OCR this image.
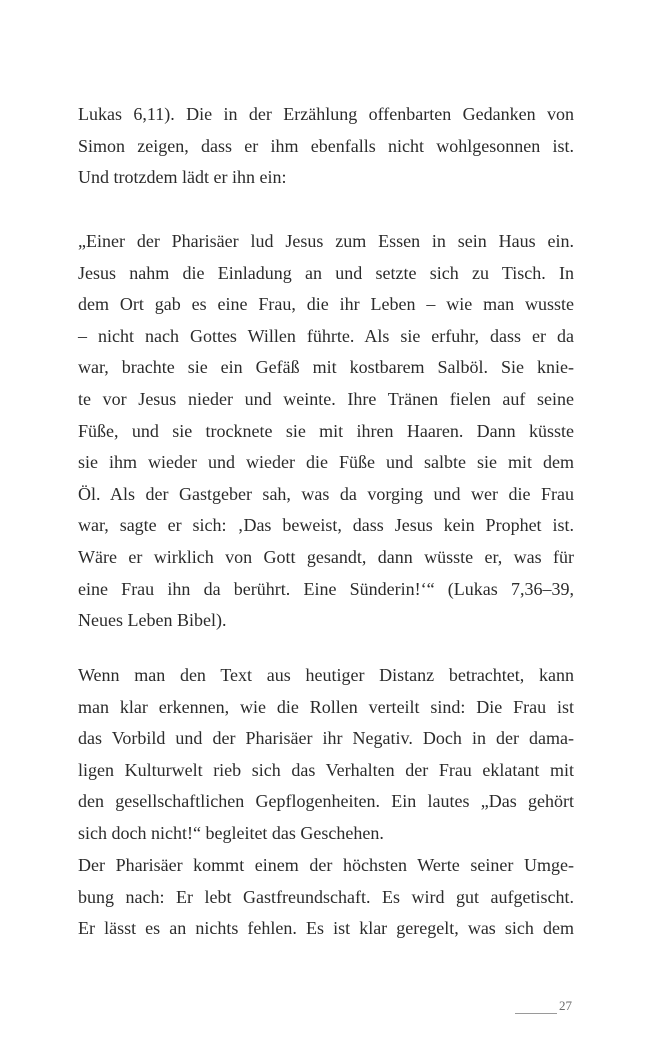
Lukas 6,11). Die in der Erzählung offenbarten Gedanken von
Simon zeigen, dass er ihm ebenfalls nicht wohlgesonnen ist.
Und trotzdem lädt er ihn ein:
„Einer der Pharisäer lud Jesus zum Essen in sein Haus ein.
Jesus nahm die Einladung an und setzte sich zu Tisch. In
dem Ort gab es eine Frau, die ihr Leben – wie man wusste
– nicht nach Gottes Willen führte. Als sie erfuhr, dass er da
war, brachte sie ein Gefäß mit kostbarem Salböl. Sie knie-
te vor Jesus nieder und weinte. Ihre Tränen fielen auf seine
Füße, und sie trocknete sie mit ihren Haaren. Dann küsste
sie ihm wieder und wieder die Füße und salbte sie mit dem
Öl. Als der Gastgeber sah, was da vorging und wer die Frau
war, sagte er sich: ‚Das beweist, dass Jesus kein Prophet ist.
Wäre er wirklich von Gott gesandt, dann wüsste er, was für
eine Frau ihn da berührt. Eine Sünderin!‘“ (Lukas 7,36–39,
Neues Leben Bibel).
Wenn man den Text aus heutiger Distanz betrachtet, kann
man klar erkennen, wie die Rollen verteilt sind: Die Frau ist
das Vorbild und der Pharisäer ihr Negativ. Doch in der dama-
ligen Kulturwelt rieb sich das Verhalten der Frau eklatant mit
den gesellschaftlichen Gepflogenheiten. Ein lautes „Das gehört
sich doch nicht!“ begleitet das Geschehen.
Der Pharisäer kommt einem der höchsten Werte seiner Umge-
bung nach: Er lebt Gastfreundschaft. Es wird gut aufgetischt.
Er lässt es an nichts fehlen. Es ist klar geregelt, was sich dem
27
